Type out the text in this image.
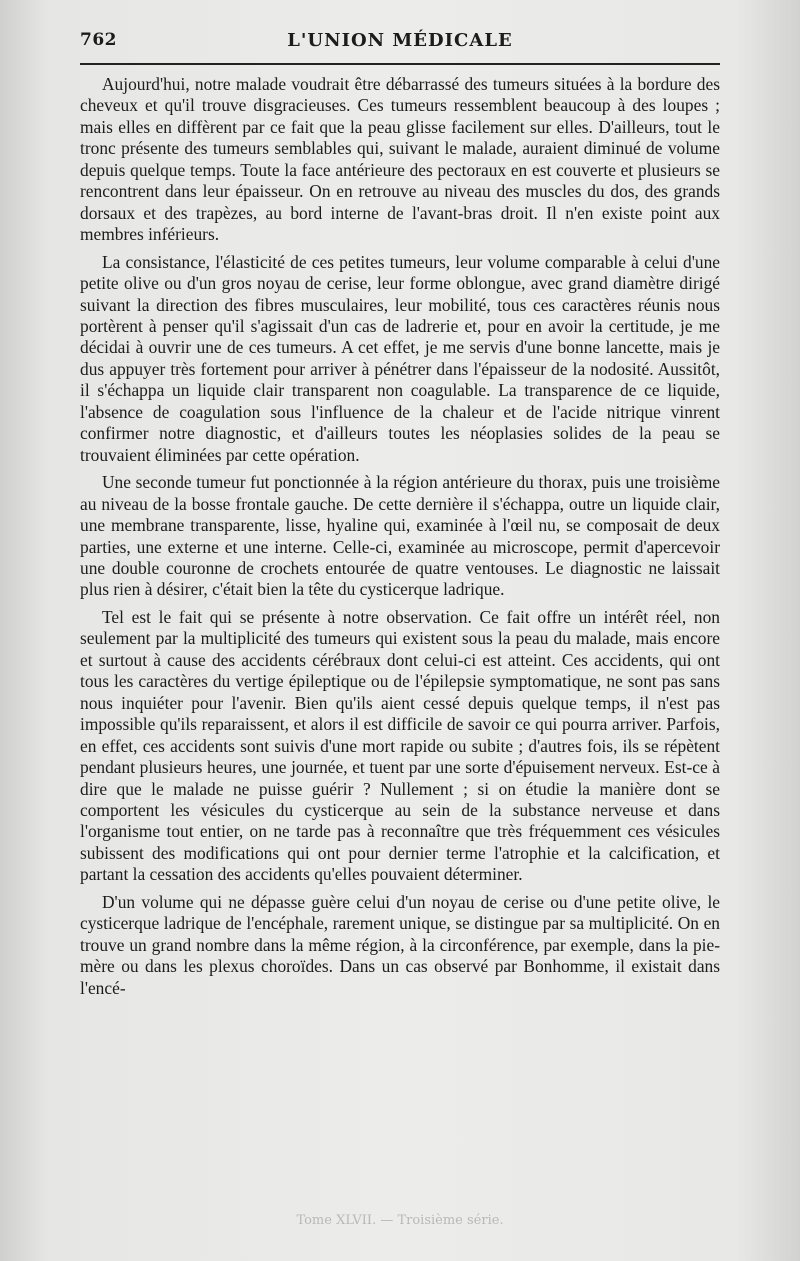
762	L'UNION MÉDICALE

Aujourd'hui, notre malade voudrait être débarrassé des tumeurs situées à la bordure des cheveux et qu'il trouve disgracieuses. Ces tumeurs ressemblent beaucoup à des loupes ; mais elles en diffèrent par ce fait que la peau glisse facilement sur elles. D'ailleurs, tout le tronc présente des tumeurs semblables qui, suivant le malade, auraient diminué de volume depuis quelque temps. Toute la face antérieure des pectoraux en est couverte et plusieurs se rencontrent dans leur épaisseur. On en retrouve au niveau des muscles du dos, des grands dorsaux et des trapèzes, au bord interne de l'avant-bras droit. Il n'en existe point aux membres inférieurs.

La consistance, l'élasticité de ces petites tumeurs, leur volume comparable à celui d'une petite olive ou d'un gros noyau de cerise, leur forme oblongue, avec grand diamètre dirigé suivant la direction des fibres musculaires, leur mobilité, tous ces caractères réunis nous portèrent à penser qu'il s'agissait d'un cas de ladrerie et, pour en avoir la certitude, je me décidai à ouvrir une de ces tumeurs. A cet effet, je me servis d'une bonne lancette, mais je dus appuyer très fortement pour arriver à pénétrer dans l'épaisseur de la nodosité. Aussitôt, il s'échappa un liquide clair transparent non coagulable. La transparence de ce liquide, l'absence de coagulation sous l'influence de la chaleur et de l'acide nitrique vinrent confirmer notre diagnostic, et d'ailleurs toutes les néoplasies solides de la peau se trouvaient éliminées par cette opération.

Une seconde tumeur fut ponctionnée à la région antérieure du thorax, puis une troisième au niveau de la bosse frontale gauche. De cette dernière il s'échappa, outre un liquide clair, une membrane transparente, lisse, hyaline qui, examinée à l'œil nu, se composait de deux parties, une externe et une interne. Celle-ci, examinée au microscope, permit d'apercevoir une double couronne de crochets entourée de quatre ventouses. Le diagnostic ne laissait plus rien à désirer, c'était bien la tête du cysticerque ladrique.

Tel est le fait qui se présente à notre observation. Ce fait offre un intérêt réel, non seulement par la multiplicité des tumeurs qui existent sous la peau du malade, mais encore et surtout à cause des accidents cérébraux dont celui-ci est atteint. Ces accidents, qui ont tous les caractères du vertige épileptique ou de l'épilepsie symptomatique, ne sont pas sans nous inquiéter pour l'avenir. Bien qu'ils aient cessé depuis quelque temps, il n'est pas impossible qu'ils reparaissent, et alors il est difficile de savoir ce qui pourra arriver. Parfois, en effet, ces accidents sont suivis d'une mort rapide ou subite ; d'autres fois, ils se répètent pendant plusieurs heures, une journée, et tuent par une sorte d'épuisement nerveux. Est-ce à dire que le malade ne puisse guérir ? Nullement ; si on étudie la manière dont se comportent les vésicules du cysticerque au sein de la substance nerveuse et dans l'organisme tout entier, on ne tarde pas à reconnaître que très fréquemment ces vésicules subissent des modifications qui ont pour dernier terme l'atrophie et la calcification, et partant la cessation des accidents qu'elles pouvaient déterminer.

D'un volume qui ne dépasse guère celui d'un noyau de cerise ou d'une petite olive, le cysticerque ladrique de l'encéphale, rarement unique, se distingue par sa multiplicité. On en trouve un grand nombre dans la même région, à la circonférence, par exemple, dans la pie-mère ou dans les plexus choroïdes. Dans un cas observé par Bonhomme, il existait dans l'encé-

Tome XLVII. — Troisième série.
